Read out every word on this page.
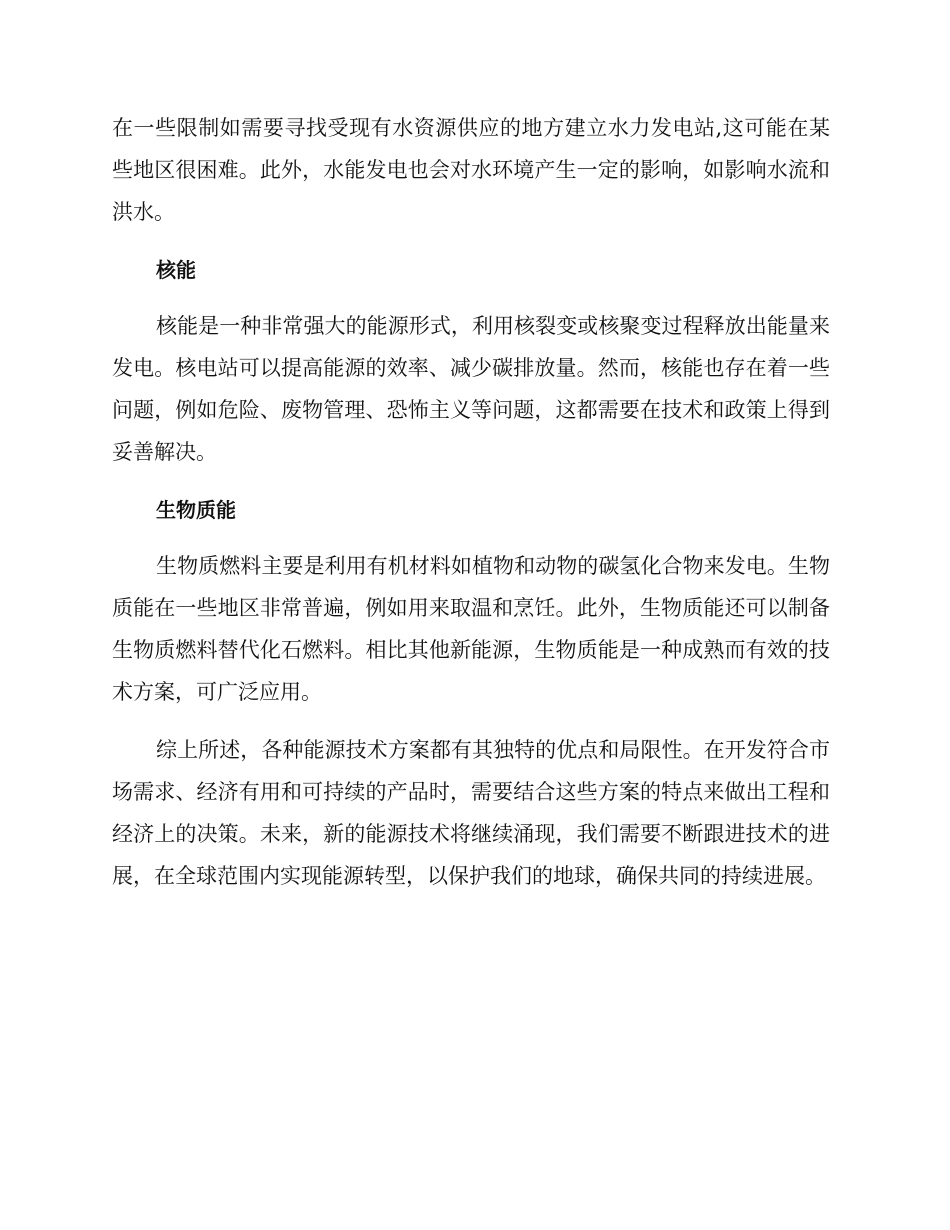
在一些限制如需要寻找受现有水资源供应的地方建立水力发电站,这可能在某些地区很困难。此外，水能发电也会对水环境产生一定的影响，如影响水流和洪水。

核能

核能是一种非常强大的能源形式，利用核裂变或核聚变过程释放出能量来发电。核电站可以提高能源的效率、减少碳排放量。然而，核能也存在着一些问题，例如危险、废物管理、恐怖主义等问题，这都需要在技术和政策上得到妥善解决。

生物质能

生物质燃料主要是利用有机材料如植物和动物的碳氢化合物来发电。生物质能在一些地区非常普遍，例如用来取温和烹饪。此外，生物质能还可以制备生物质燃料替代化石燃料。相比其他新能源，生物质能是一种成熟而有效的技术方案，可广泛应用。

综上所述，各种能源技术方案都有其独特的优点和局限性。在开发符合市场需求、经济有用和可持续的产品时，需要结合这些方案的特点来做出工程和经济上的决策。未来，新的能源技术将继续涌现，我们需要不断跟进技术的进展，在全球范围内实现能源转型，以保护我们的地球，确保共同的持续进展。
